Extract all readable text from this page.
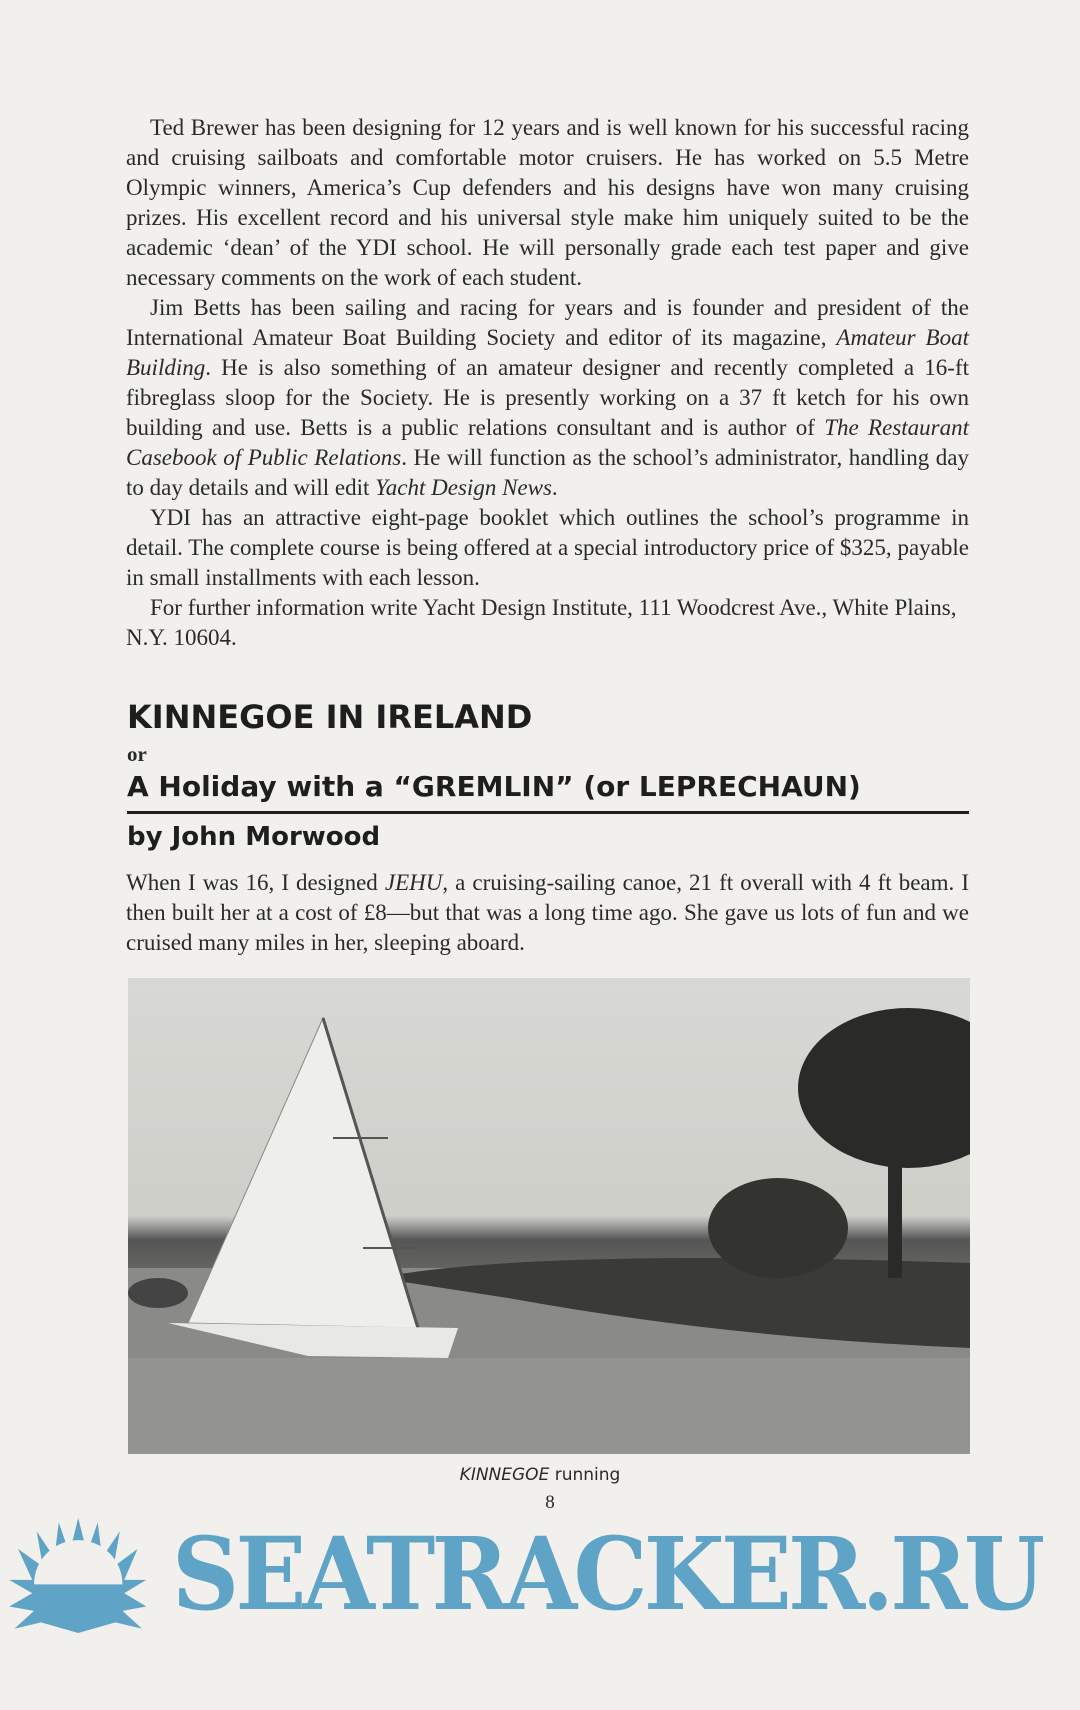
Ted Brewer has been designing for 12 years and is well known for his successful racing and cruising sailboats and comfortable motor cruisers. He has worked on 5.5 Metre Olympic winners, America’s Cup defenders and his designs have won many cruising prizes. His excellent record and his universal style make him uniquely suited to be the academic ‘dean’ of the YDI school. He will personally grade each test paper and give necessary comments on the work of each student.

Jim Betts has been sailing and racing for years and is founder and president of the International Amateur Boat Building Society and editor of its magazine, Amateur Boat Building. He is also something of an amateur designer and recently completed a 16-ft fibreglass sloop for the Society. He is presently working on a 37 ft ketch for his own building and use. Betts is a public relations consultant and is author of The Restaurant Casebook of Public Relations. He will function as the school’s administrator, handling day to day details and will edit Yacht Design News.

YDI has an attractive eight-page booklet which outlines the school’s programme in detail. The complete course is being offered at a special introductory price of $325, payable in small installments with each lesson.

For further information write Yacht Design Institute, 111 Woodcrest Ave., White Plains, N.Y. 10604.

KINNEGOE IN IRELAND
or
A Holiday with a “GREMLIN” (or LEPRECHAUN)
by John Morwood

When I was 16, I designed JEHU, a cruising-sailing canoe, 21 ft overall with 4 ft beam. I then built her at a cost of £8—but that was a long time ago. She gave us lots of fun and we cruised many miles in her, sleeping aboard.

KINNEGOE running
8
SEATRACKER.RU
